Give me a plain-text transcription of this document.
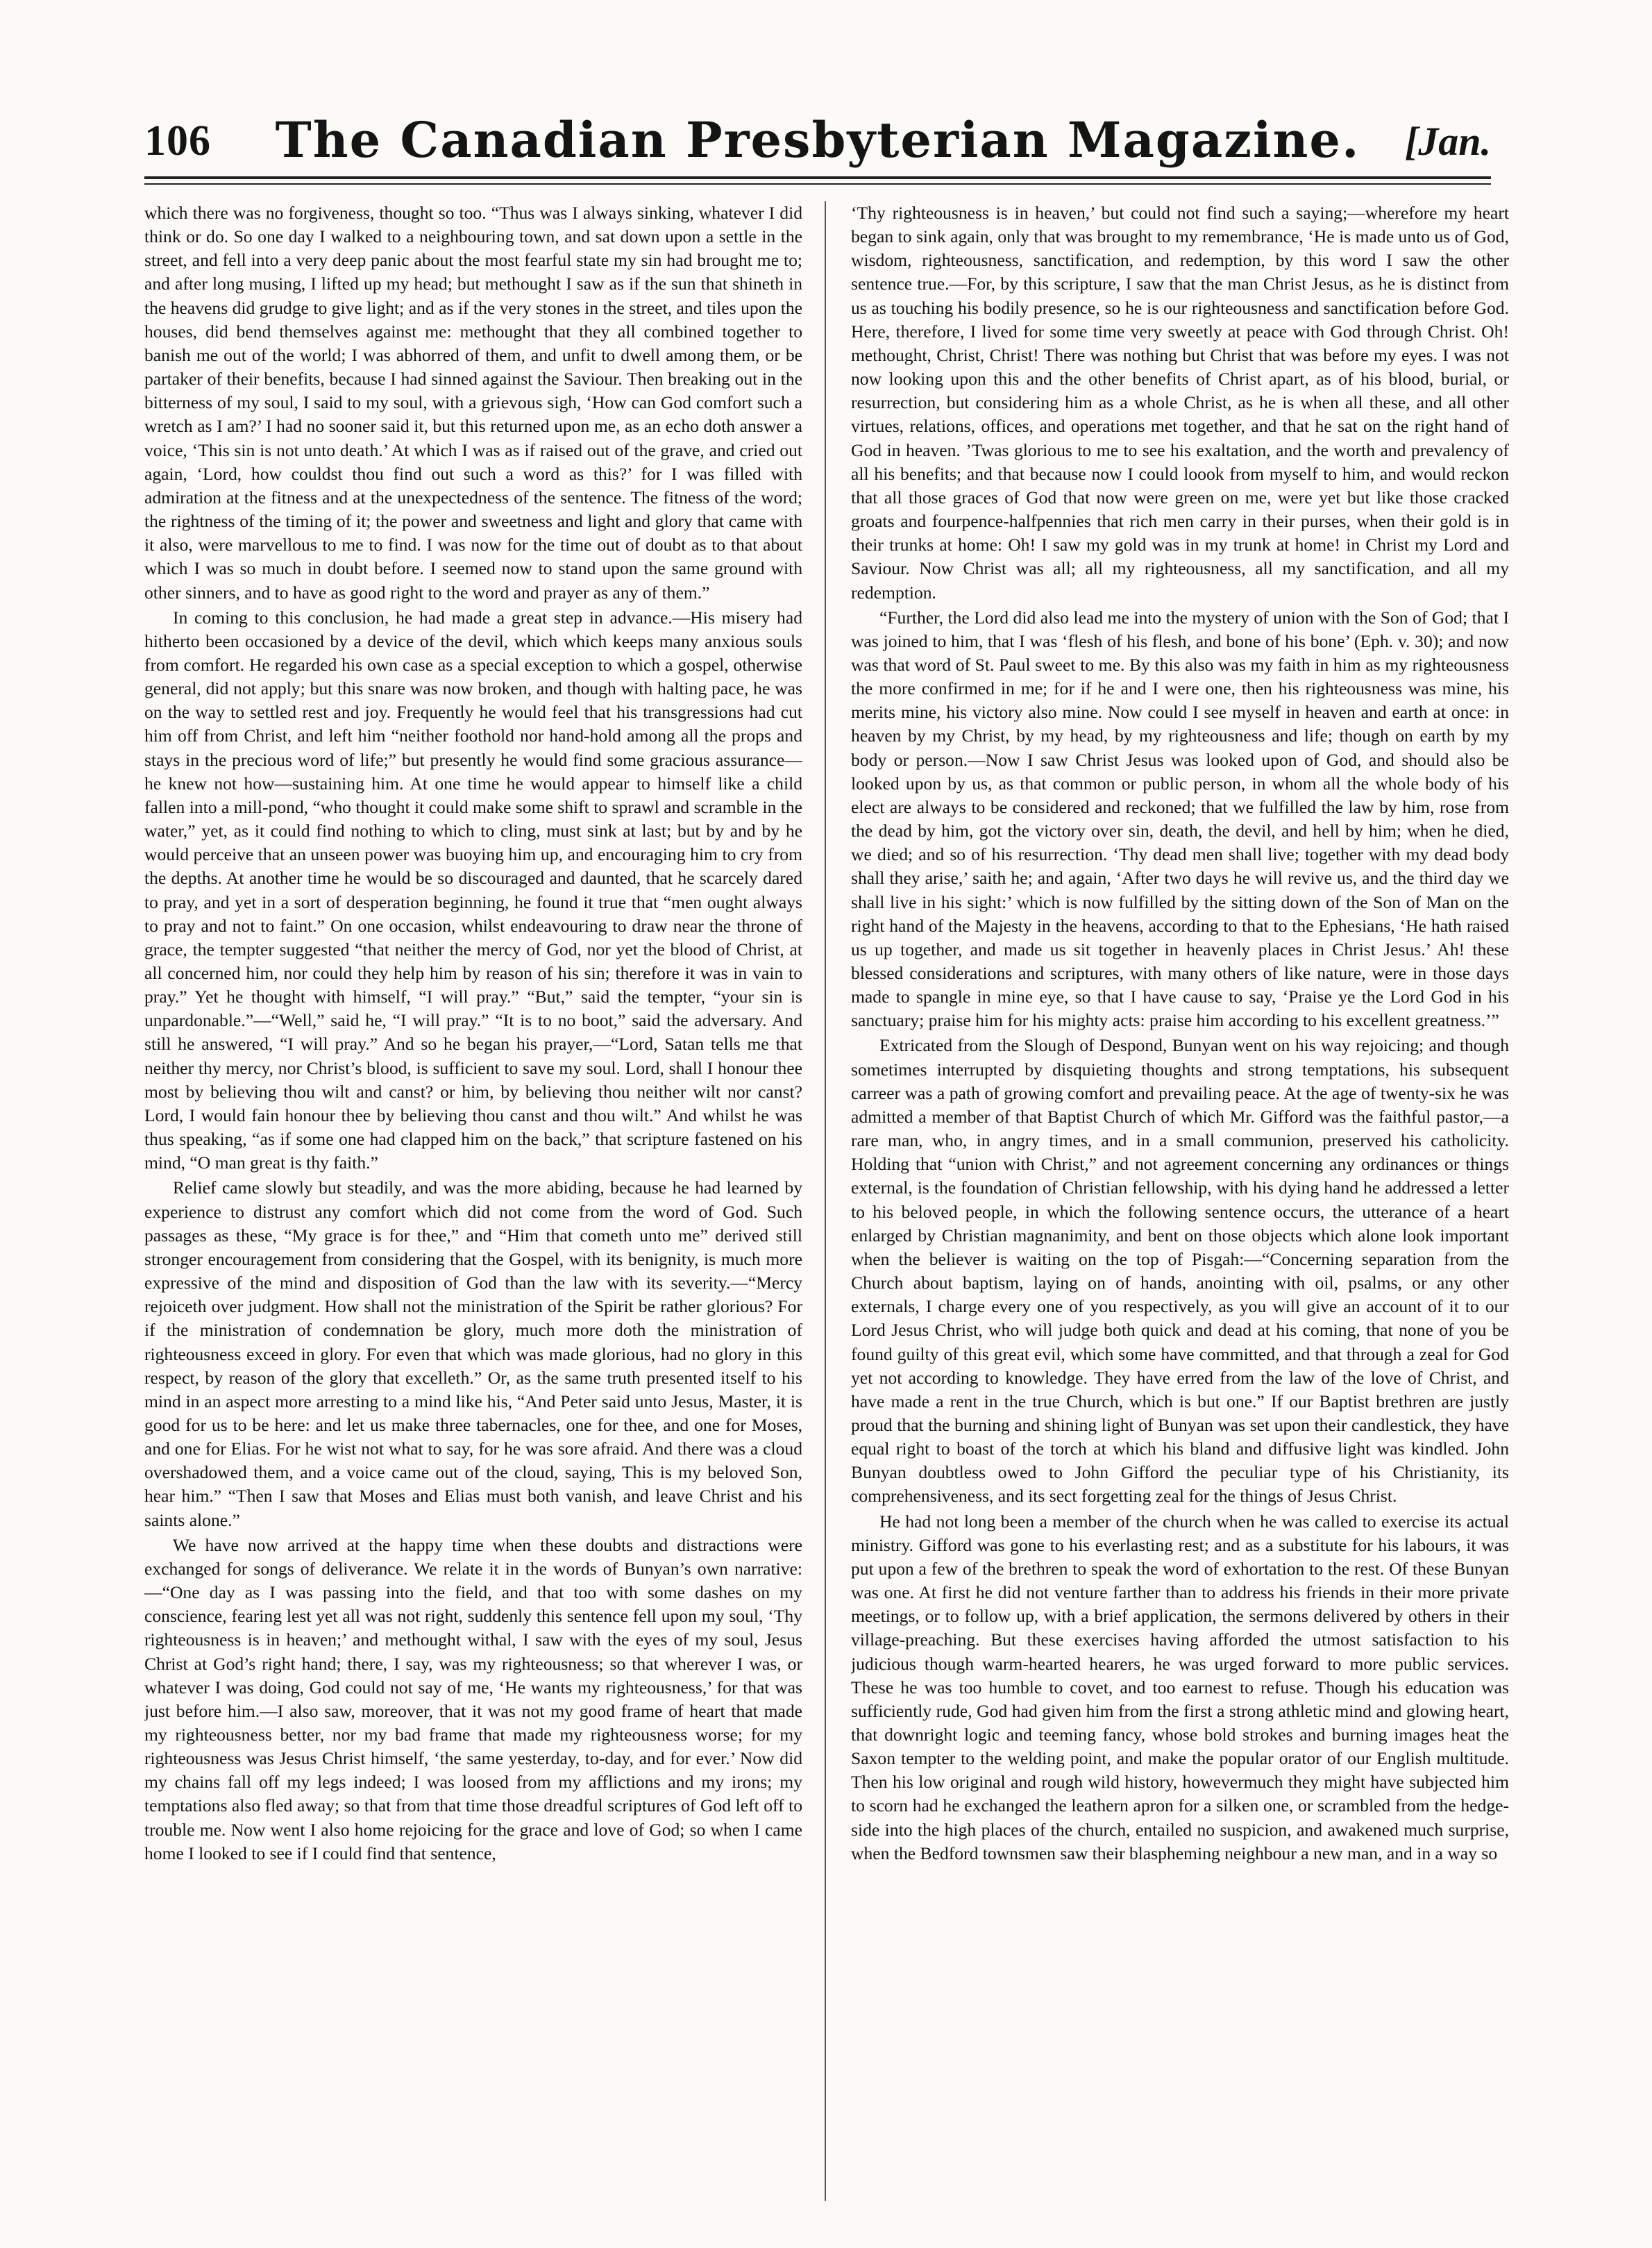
106	The Canadian Presbyterian Magazine.	[Jan.

which there was no forgiveness, thought so too. “Thus was I always sinking, whatever I did think or do. So one day I walked to a neighbouring town, and sat down upon a settle in the street, and fell into a very deep panic about the most fearful state my sin had brought me to; and after long musing, I lifted up my head; but methought I saw as if the sun that shineth in the heavens did grudge to give light; and as if the very stones in the street, and tiles upon the houses, did bend themselves against me: methought that they all combined together to banish me out of the world; I was abhorred of them, and unfit to dwell among them, or be partaker of their benefits, because I had sinned against the Saviour. Then breaking out in the bitterness of my soul, I said to my soul, with a grievous sigh, ‘How can God comfort such a wretch as I am?’ I had no sooner said it, but this returned upon me, as an echo doth answer a voice, ‘This sin is not unto death.’ At which I was as if raised out of the grave, and cried out again, ‘Lord, how couldst thou find out such a word as this?’ for I was filled with admiration at the fitness and at the unexpectedness of the sentence. The fitness of the word; the rightness of the timing of it; the power and sweetness and light and glory that came with it also, were marvellous to me to find. I was now for the time out of doubt as to that about which I was so much in doubt before. I seemed now to stand upon the same ground with other sinners, and to have as good right to the word and prayer as any of them.”

In coming to this conclusion, he had made a great step in advance.—His misery had hitherto been occasioned by a device of the devil, which which keeps many anxious souls from comfort. He regarded his own case as a special exception to which a gospel, otherwise general, did not apply; but this snare was now broken, and though with halting pace, he was on the way to settled rest and joy. Frequently he would feel that his transgressions had cut him off from Christ, and left him “neither foothold nor hand-hold among all the props and stays in the precious word of life;” but presently he would find some gracious assurance—he knew not how—sustaining him. At one time he would appear to himself like a child fallen into a mill-pond, “who thought it could make some shift to sprawl and scramble in the water,” yet, as it could find nothing to which to cling, must sink at last; but by and by he would perceive that an unseen power was buoying him up, and encouraging him to cry from the depths. At another time he would be so discouraged and daunted, that he scarcely dared to pray, and yet in a sort of desperation beginning, he found it true that “men ought always to pray and not to faint.” On one occasion, whilst endeavouring to draw near the throne of grace, the tempter suggested “that neither the mercy of God, nor yet the blood of Christ, at all concerned him, nor could they help him by reason of his sin; therefore it was in vain to pray.” Yet he thought with himself, “I will pray.” “But,” said the tempter, “your sin is unpardonable.”—“Well,” said he, “I will pray.” “It is to no boot,” said the adversary. And still he answered, “I will pray.” And so he began his prayer,—“Lord, Satan tells me that neither thy mercy, nor Christ’s blood, is sufficient to save my soul. Lord, shall I honour thee most by believing thou wilt and canst? or him, by believing thou neither wilt nor canst? Lord, I would fain honour thee by believing thou canst and thou wilt.” And whilst he was thus speaking, “as if some one had clapped him on the back,” that scripture fastened on his mind, “O man great is thy faith.”

Relief came slowly but steadily, and was the more abiding, because he had learned by experience to distrust any comfort which did not come from the word of God. Such passages as these, “My grace is for thee,” and “Him that cometh unto me” derived still stronger encouragement from considering that the Gospel, with its benignity, is much more expressive of the mind and disposition of God than the law with its severity.—“Mercy rejoiceth over judgment. How shall not the ministration of the Spirit be rather glorious? For if the ministration of condemnation be glory, much more doth the ministration of righteousness exceed in glory. For even that which was made glorious, had no glory in this respect, by reason of the glory that excelleth.” Or, as the same truth presented itself to his mind in an aspect more arresting to a mind like his, “And Peter said unto Jesus, Master, it is good for us to be here: and let us make three tabernacles, one for thee, and one for Moses, and one for Elias. For he wist not what to say, for he was sore afraid. And there was a cloud overshadowed them, and a voice came out of the cloud, saying, This is my beloved Son, hear him.” “Then I saw that Moses and Elias must both vanish, and leave Christ and his saints alone.”

We have now arrived at the happy time when these doubts and distractions were exchanged for songs of deliverance. We relate it in the words of Bunyan’s own narrative:—“One day as I was passing into the field, and that too with some dashes on my conscience, fearing lest yet all was not right, suddenly this sentence fell upon my soul, ‘Thy righteousness is in heaven;’ and methought withal, I saw with the eyes of my soul, Jesus Christ at God’s right hand; there, I say, was my righteousness; so that wherever I was, or whatever I was doing, God could not say of me, ‘He wants my righteousness,’ for that was just before him.—I also saw, moreover, that it was not my good frame of heart that made my righteousness better, nor my bad frame that made my righteousness worse; for my righteousness was Jesus Christ himself, ‘the same yesterday, to-day, and for ever.’ Now did my chains fall off my legs indeed; I was loosed from my afflictions and my irons; my temptations also fled away; so that from that time those dreadful scriptures of God left off to trouble me. Now went I also home rejoicing for the grace and love of God; so when I came home I looked to see if I could find that sentence,

‘Thy righteousness is in heaven,’ but could not find such a saying;—wherefore my heart began to sink again, only that was brought to my remembrance, ‘He is made unto us of God, wisdom, righteousness, sanctification, and redemption, by this word I saw the other sentence true.—For, by this scripture, I saw that the man Christ Jesus, as he is distinct from us as touching his bodily presence, so he is our righteousness and sanctification before God. Here, therefore, I lived for some time very sweetly at peace with God through Christ. Oh! methought, Christ, Christ! There was nothing but Christ that was before my eyes. I was not now looking upon this and the other benefits of Christ apart, as of his blood, burial, or resurrection, but considering him as a whole Christ, as he is when all these, and all other virtues, relations, offices, and operations met together, and that he sat on the right hand of God in heaven. ’Twas glorious to me to see his exaltation, and the worth and prevalency of all his benefits; and that because now I could loook from myself to him, and would reckon that all those graces of God that now were green on me, were yet but like those cracked groats and fourpence-halfpennies that rich men carry in their purses, when their gold is in their trunks at home: Oh! I saw my gold was in my trunk at home! in Christ my Lord and Saviour. Now Christ was all; all my righteousness, all my sanctification, and all my redemption.

“Further, the Lord did also lead me into the mystery of union with the Son of God; that I was joined to him, that I was ‘flesh of his flesh, and bone of his bone’ (Eph. v. 30); and now was that word of St. Paul sweet to me. By this also was my faith in him as my righteousness the more confirmed in me; for if he and I were one, then his righteousness was mine, his merits mine, his victory also mine. Now could I see myself in heaven and earth at once: in heaven by my Christ, by my head, by my righteousness and life; though on earth by my body or person.—Now I saw Christ Jesus was looked upon of God, and should also be looked upon by us, as that common or public person, in whom all the whole body of his elect are always to be considered and reckoned; that we fulfilled the law by him, rose from the dead by him, got the victory over sin, death, the devil, and hell by him; when he died, we died; and so of his resurrection. ‘Thy dead men shall live; together with my dead body shall they arise,’ saith he; and again, ‘After two days he will revive us, and the third day we shall live in his sight:’ which is now fulfilled by the sitting down of the Son of Man on the right hand of the Majesty in the heavens, according to that to the Ephesians, ‘He hath raised us up together, and made us sit together in heavenly places in Christ Jesus.’ Ah! these blessed considerations and scriptures, with many others of like nature, were in those days made to spangle in mine eye, so that I have cause to say, ‘Praise ye the Lord God in his sanctuary; praise him for his mighty acts: praise him according to his excellent greatness.’”

Extricated from the Slough of Despond, Bunyan went on his way rejoicing; and though sometimes interrupted by disquieting thoughts and strong temptations, his subsequent carreer was a path of growing comfort and prevailing peace. At the age of twenty-six he was admitted a member of that Baptist Church of which Mr. Gifford was the faithful pastor,—a rare man, who, in angry times, and in a small communion, preserved his catholicity. Holding that “union with Christ,” and not agreement concerning any ordinances or things external, is the foundation of Christian fellowship, with his dying hand he addressed a letter to his beloved people, in which the following sentence occurs, the utterance of a heart enlarged by Christian magnanimity, and bent on those objects which alone look important when the believer is waiting on the top of Pisgah:—“Concerning separation from the Church about baptism, laying on of hands, anointing with oil, psalms, or any other externals, I charge every one of you respectively, as you will give an account of it to our Lord Jesus Christ, who will judge both quick and dead at his coming, that none of you be found guilty of this great evil, which some have committed, and that through a zeal for God yet not according to knowledge. They have erred from the law of the love of Christ, and have made a rent in the true Church, which is but one.” If our Baptist brethren are justly proud that the burning and shining light of Bunyan was set upon their candlestick, they have equal right to boast of the torch at which his bland and diffusive light was kindled. John Bunyan doubtless owed to John Gifford the peculiar type of his Christianity, its comprehensiveness, and its sect forgetting zeal for the things of Jesus Christ.

He had not long been a member of the church when he was called to exercise its actual ministry. Gifford was gone to his everlasting rest; and as a substitute for his labours, it was put upon a few of the brethren to speak the word of exhortation to the rest. Of these Bunyan was one. At first he did not venture farther than to address his friends in their more private meetings, or to follow up, with a brief application, the sermons delivered by others in their village-preaching. But these exercises having afforded the utmost satisfaction to his judicious though warm-hearted hearers, he was urged forward to more public services. These he was too humble to covet, and too earnest to refuse. Though his education was sufficiently rude, God had given him from the first a strong athletic mind and glowing heart, that downright logic and teeming fancy, whose bold strokes and burning images heat the Saxon tempter to the welding point, and make the popular orator of our English multitude. Then his low original and rough wild history, howevermuch they might have subjected him to scorn had he exchanged the leathern apron for a silken one, or scrambled from the hedge-side into the high places of the church, entailed no suspicion, and awakened much surprise, when the Bedford townsmen saw their blaspheming neighbour a new man, and in a way so
